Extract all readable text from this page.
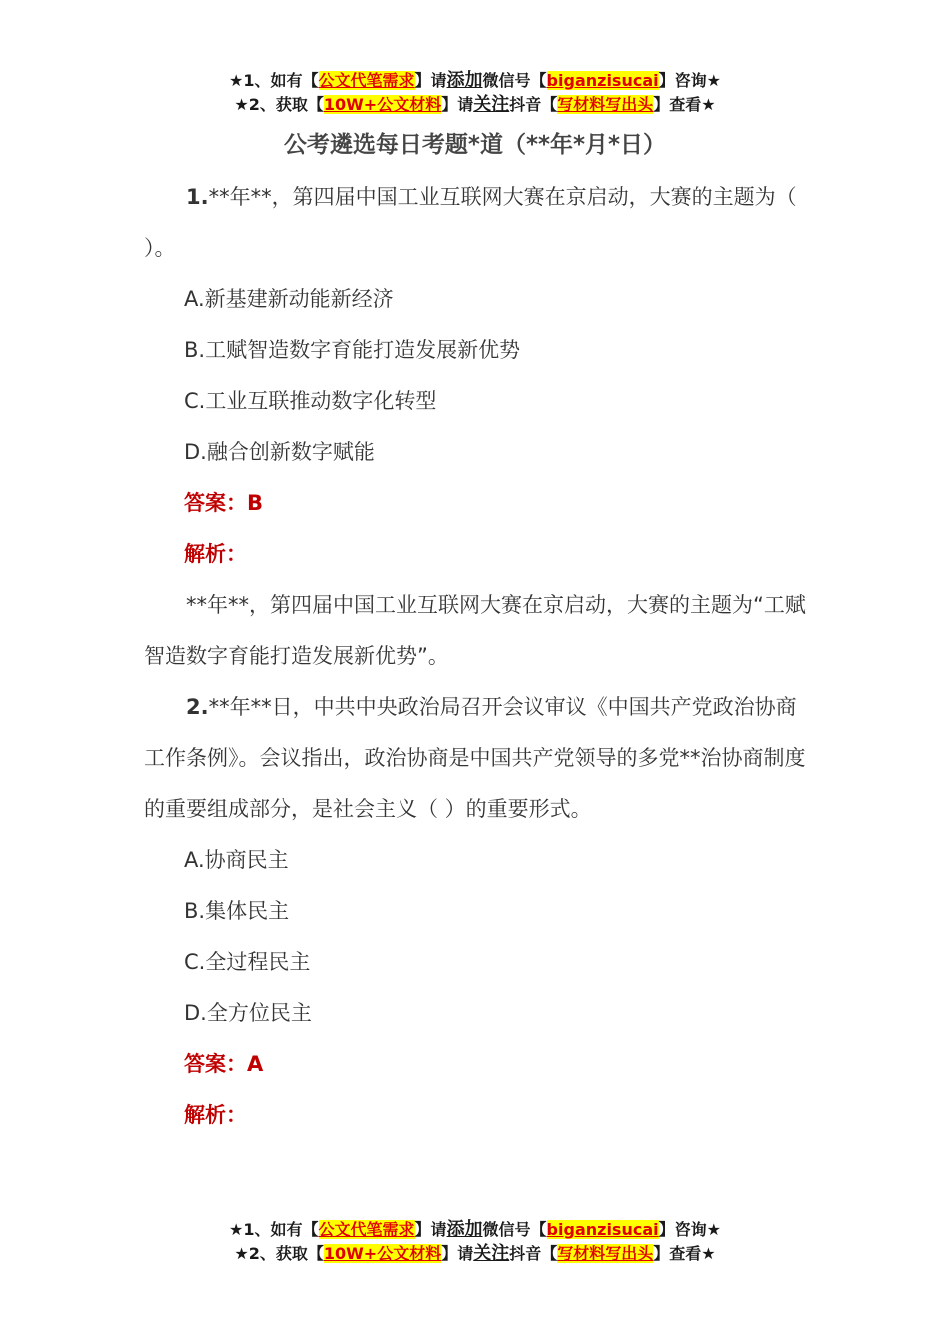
★1、如有【公文代笔需求】请添加微信号【biganzisucai】咨询★
★2、获取【10W+公文材料】请关注抖音【写材料写出头】查看★
公考遴选每日考题*道（**年*月*日）

1.**年**，第四届中国工业互联网大赛在京启动，大赛的主题为（ ）。

A.新基建新动能新经济

B.工赋智造数字育能打造发展新优势

C.工业互联推动数字化转型

D.融合创新数字赋能

答案：B

解析：

**年**，第四届中国工业互联网大赛在京启动，大赛的主题为“工赋智造数字育能打造发展新优势”。

2.**年**日，中共中央政治局召开会议审议《中国共产党政治协商工作条例》。会议指出，政治协商是中国共产党领导的多党**治协商制度的重要组成部分，是社会主义（ ）的重要形式。

A.协商民主

B.集体民主

C.全过程民主

D.全方位民主

答案：A

解析：

★1、如有【公文代笔需求】请添加微信号【biganzisucai】咨询★
★2、获取【10W+公文材料】请关注抖音【写材料写出头】查看★
